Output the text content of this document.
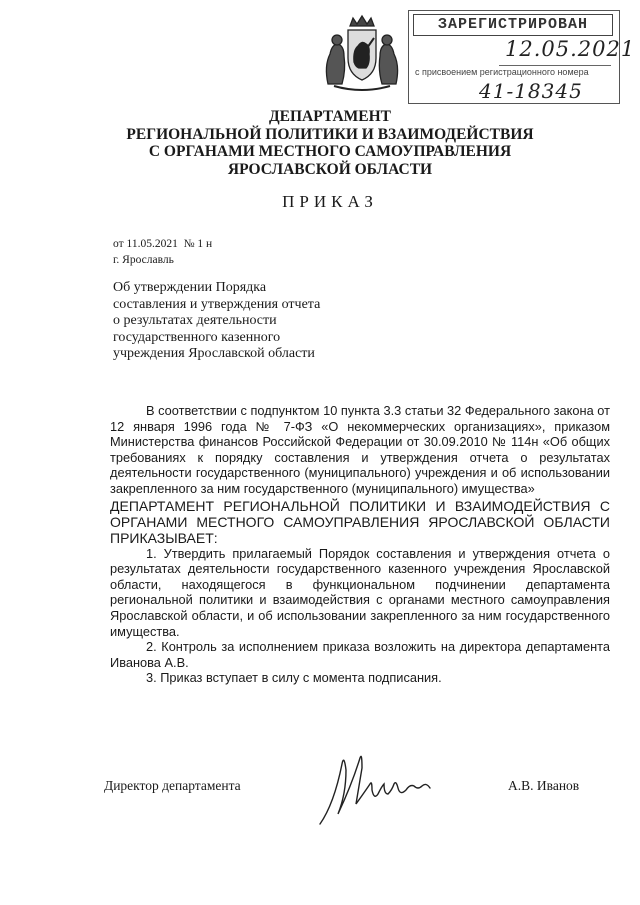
ЗАРЕГИСТРИРОВАН
12.05.2021
с присвоением регистрационного номера
41-18345
ДЕПАРТАМЕНТ
РЕГИОНАЛЬНОЙ ПОЛИТИКИ И ВЗАИМОДЕЙСТВИЯ
С ОРГАНАМИ МЕСТНОГО САМОУПРАВЛЕНИЯ
ЯРОСЛАВСКОЙ ОБЛАСТИ
ПРИКАЗ
от 11.05.2021  № 1 н
г. Ярославль
Об утверждении Порядка
составления и утверждения отчета
о результатах деятельности
государственного казенного
учреждения Ярославской области

В соответствии с подпунктом 10 пункта 3.3 статьи 32 Федерального закона от 12 января 1996 года № 7-ФЗ «О некоммерческих организациях», приказом Министерства финансов Российской Федерации от 30.09.2010 № 114н «Об общих требованиях к порядку составления и утверждения отчета о результатах деятельности государственного (муниципального) учреждения и об использовании закрепленного за ним государственного (муниципального) имущества»

ДЕПАРТАМЕНТ РЕГИОНАЛЬНОЙ ПОЛИТИКИ И ВЗАИМОДЕЙСТВИЯ С ОРГАНАМИ МЕСТНОГО САМОУПРАВЛЕНИЯ ЯРОСЛАВСКОЙ ОБЛАСТИ ПРИКАЗЫВАЕТ:

1. Утвердить прилагаемый Порядок составления и утверждения отчета о результатах деятельности государственного казенного учреждения Ярославской области, находящегося в функциональном подчинении департамента региональной политики и взаимодействия с органами местного самоуправления Ярославской области, и об использовании закрепленного за ним государственного имущества.

2. Контроль за исполнением приказа возложить на директора департамента Иванова А.В.

3. Приказ вступает в силу с момента подписания.

Директор департамента	А.В. Иванов
